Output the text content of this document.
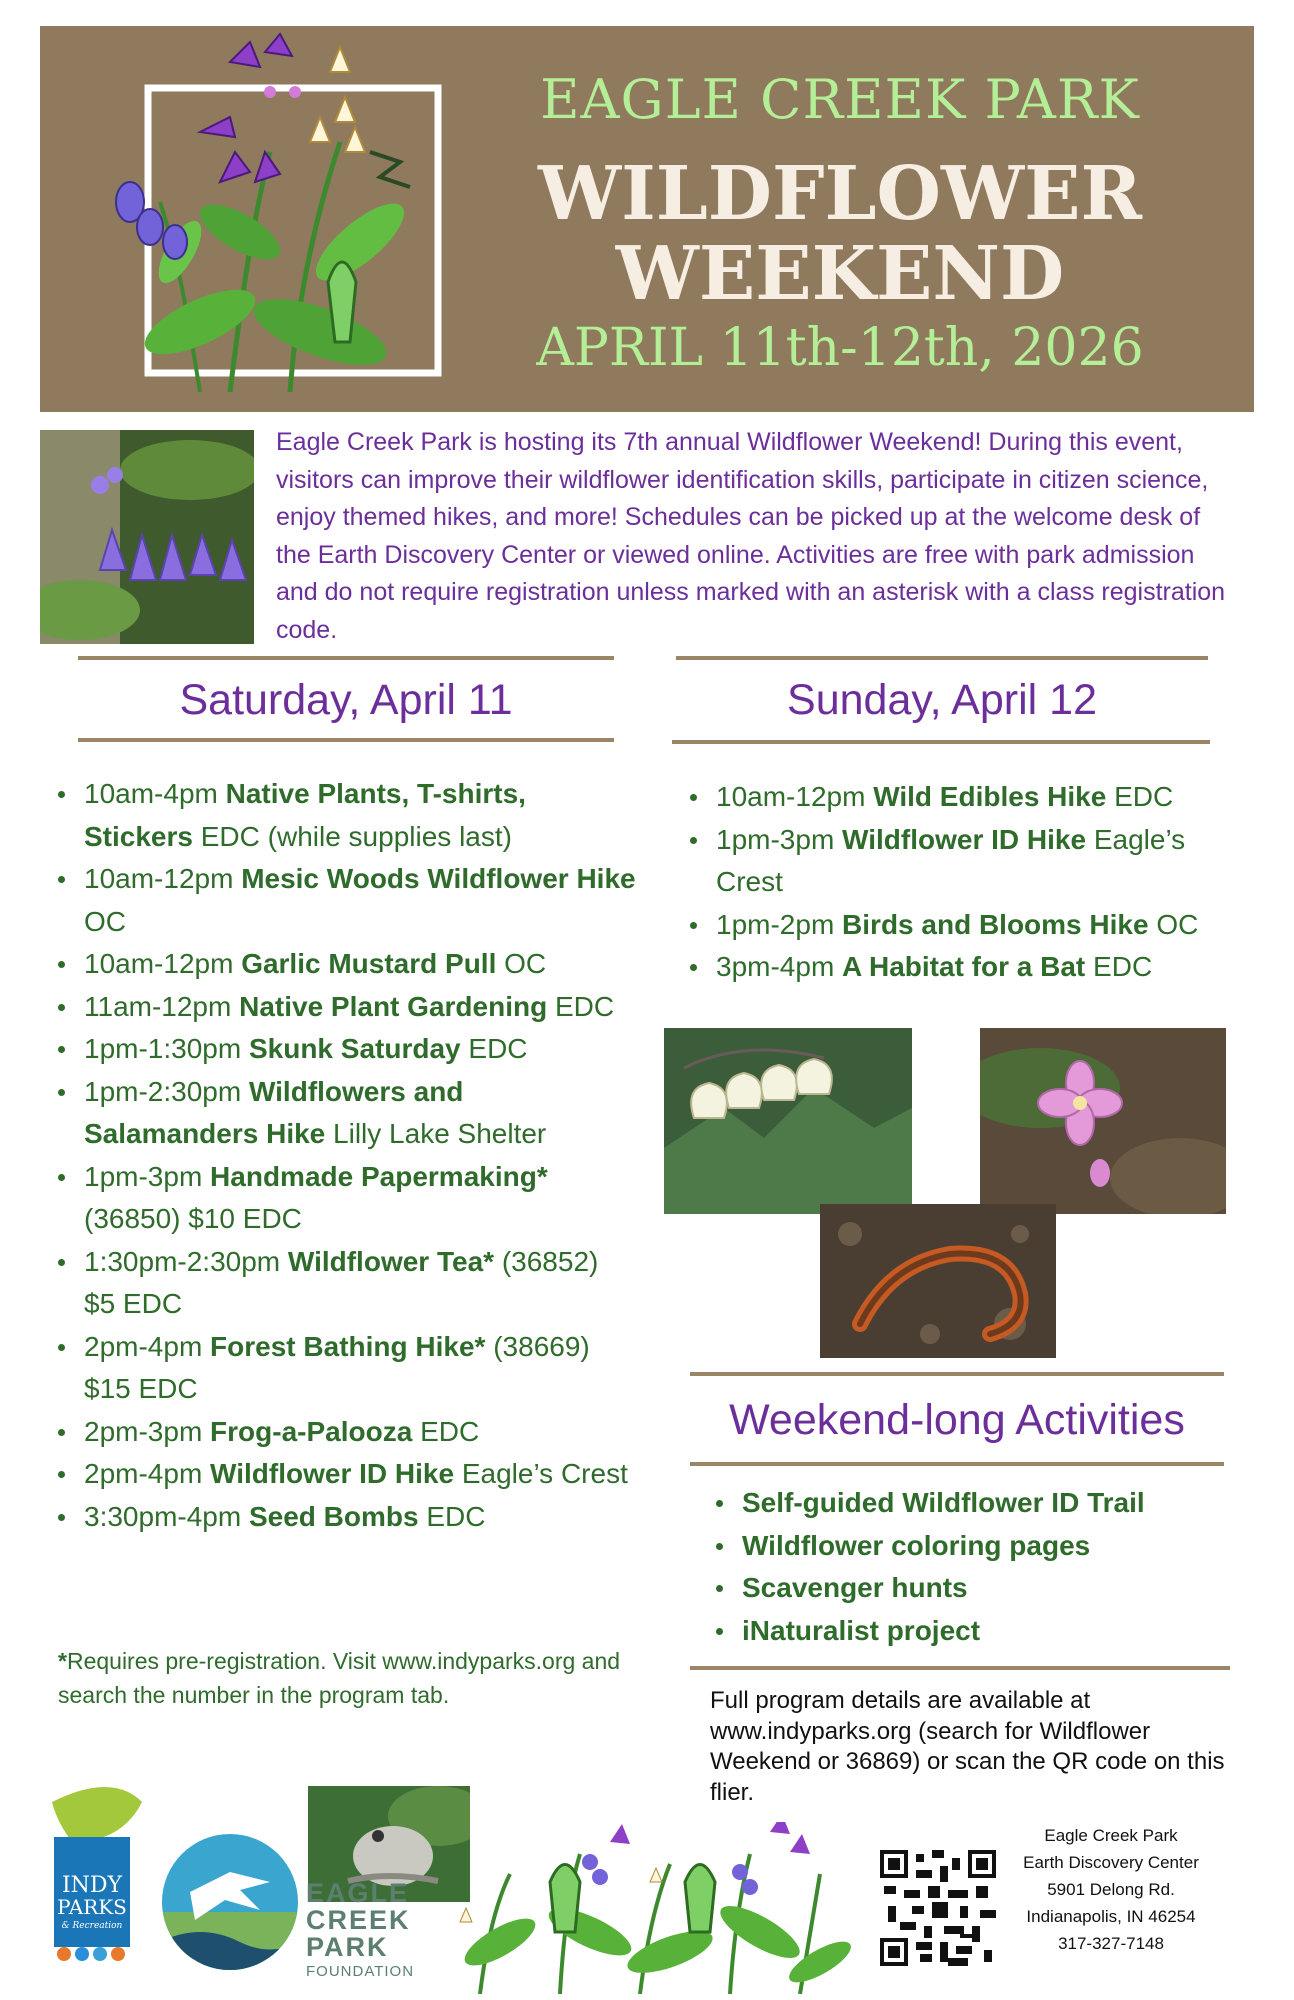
EAGLE CREEK PARK
WILDFLOWER
WEEKEND
APRIL 11th-12th, 2026
Eagle Creek Park is hosting its 7th annual Wildflower Weekend! During this event, visitors can improve their wildflower identification skills, participate in citizen science, enjoy themed hikes, and more! Schedules can be picked up at the welcome desk of the Earth Discovery Center or viewed online. Activities are free with park admission and do not require registration unless marked with an asterisk with a class registration code.
Saturday, April 11
10am-4pm Native Plants, T-shirts, Stickers EDC (while supplies last)
10am-12pm Mesic Woods Wildflower Hike OC
10am-12pm Garlic Mustard Pull OC
11am-12pm Native Plant Gardening EDC
1pm-1:30pm Skunk Saturday EDC
1pm-2:30pm Wildflowers and Salamanders Hike Lilly Lake Shelter
1pm-3pm Handmade Papermaking* (36850) $10 EDC
1:30pm-2:30pm Wildflower Tea* (36852) $5 EDC
2pm-4pm Forest Bathing Hike* (38669) $15 EDC
2pm-3pm Frog-a-Palooza EDC
2pm-4pm Wildflower ID Hike Eagle’s Crest
3:30pm-4pm Seed Bombs EDC
*Requires pre-registration. Visit www.indyparks.org and search the number in the program tab.
Sunday, April 12
10am-12pm Wild Edibles Hike EDC
1pm-3pm Wildflower ID Hike Eagle’s Crest
1pm-2pm Birds and Blooms Hike OC
3pm-4pm A Habitat for a Bat EDC
Weekend-long Activities
Self-guided Wildflower ID Trail
Wildflower coloring pages
Scavenger hunts
iNaturalist project
Full program details are available at www.indyparks.org (search for Wildflower Weekend or 36869) or scan the QR code on this flier.
INDY
PARKS
& Recreation
EAGLE
CREEK
PARK
FOUNDATION
Eagle Creek Park
Earth Discovery Center
5901 Delong Rd.
Indianapolis, IN 46254
317-327-7148
